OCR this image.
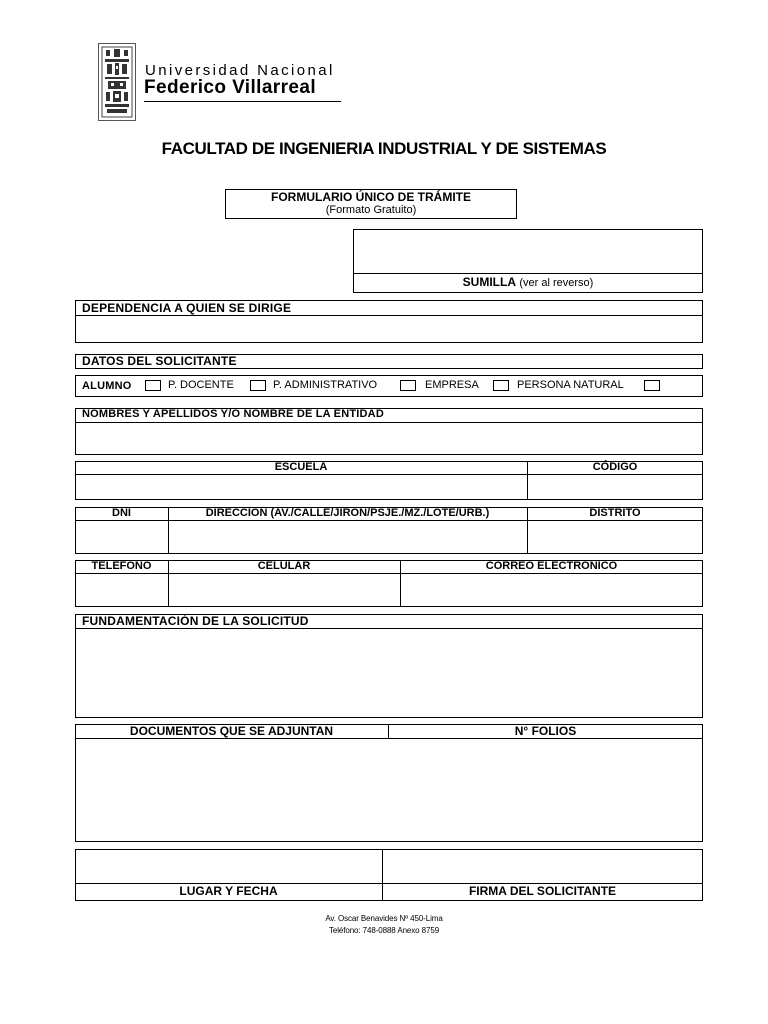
Universidad Nacional
Federico Villarreal
FACULTAD DE INGENIERIA INDUSTRIAL Y DE SISTEMAS
FORMULARIO ÚNICO DE TRÁMITE
(Formato Gratuito)
SUMILLA (ver al reverso)
DEPENDENCIA A QUIEN SE DIRIGE
DATOS DEL SOLICITANTE
ALUMNO	P. DOCENTE	P. ADMINISTRATIVO	EMPRESA	PERSONA NATURAL
NOMBRES Y APELLIDOS Y/O NOMBRE DE LA ENTIDAD
ESCUELA	CÓDIGO
DNI	DIRECCION (AV./CALLE/JIRON/PSJE./MZ./LOTE/URB.)	DISTRITO
TELEFONO	CELULAR	CORREO ELECTRONICO
FUNDAMENTACIÓN DE LA SOLICITUD
DOCUMENTOS QUE SE ADJUNTAN	N° FOLIOS
LUGAR Y FECHA	FIRMA DEL SOLICITANTE
Av. Oscar Benavides Nº 450-Lima
Teléfono: 748-0888 Anexo 8759
